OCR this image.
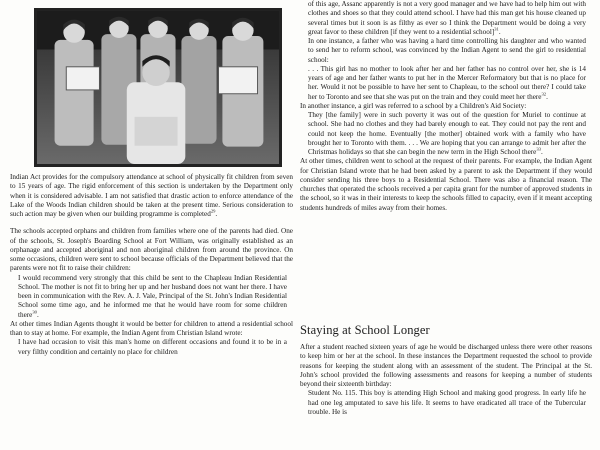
Indian Act provides for the compulsory attendance at school of physically fit children from seven to 15 years of age. The rigid enforcement of this section is undertaken by the Department only when it is considered advisable. I am not satisfied that drastic action to enforce attendance of the Lake of the Woods Indian children should be taken at the present time. Serious consideration to such action may be given when our building programme is completed$^{29}$.

The schools accepted orphans and children from families where one of the parents had died. One of the schools, St. Joseph's Boarding School at Fort William, was originally established as an orphanage and accepted aboriginal and non aboriginal children from around the province. On some occasions, children were sent to school because officials of the Department believed that the parents were not fit to raise their children:

I would recommend very strongly that this child be sent to the Chapleau Indian Residential School. The mother is not fit to bring her up and her husband does not want her there. I have been in communication with the Rev. A. J. Vale, Principal of the St. John's Indian Residential School some time ago, and he informed me that he would have room for some children there$^{30}$.

At other times Indian Agents thought it would be better for children to attend a residential school than to stay at home. For example, the Indian Agent from Christian Island wrote:

I have had occasion to visit this man's home on different occasions and found it to be in a very filthy condition and certainly no place for children

of this age, Assanc apparently is not a very good manager and we have had to help him out with clothes and shoes so that they could attend school. I have had this man get his house cleaned up several times but it soon is as filthy as ever so I think the Department would be doing a very great favor to these children [if they went to a residential school]$^{31}$.

In one instance, a father who was having a hard time controlling his daughter and who wanted to send her to reform school, was convinced by the Indian Agent to send the girl to residential school:

. . . This girl has no mother to look after her and her father has no control over her, she is 14 years of age and her father wants to put her in the Mercer Reformatory but that is no place for her. Would it not be possible to have her sent to Chapleau, to the school out there? I could take her to Toronto and see that she was put on the train and they could meet her there$^{32}$.

In another instance, a girl was referred to a school by a Children's Aid Society:

They [the family] were in such poverty it was out of the question for Muriel to continue at school. She had no clothes and they had barely enough to eat. They could not pay the rent and could not keep the home. Eventually [the mother] obtained work with a family who have brought her to Toronto with them. . . . We are hoping that you can arrange to admit her after the Christmas holidays so that she can begin the new term in the High School there$^{33}$.

At other times, children went to school at the request of their parents. For example, the Indian Agent for Christian Island wrote that he had been asked by a parent to ask the Department if they would consider sending his three boys to a Residential School. There was also a financial reason. The churches that operated the schools received a per capita grant for the number of approved students in the school, so it was in their interests to keep the schools filled to capacity, even if it meant accepting students hundreds of miles away from their homes.

Staying at School Longer

After a student reached sixteen years of age he would be discharged unless there were other reasons to keep him or her at the school. In these instances the Department requested the school to provide reasons for keeping the student along with an assessment of the student. The Principal at the St. John's school provided the following assessments and reasons for keeping a number of students beyond their sixteenth birthday:

Student No. 115. This boy is attending High School and making good progress. In early life he had one leg amputated to save his life. It seems to have eradicated all trace of the Tubercular trouble. He is
